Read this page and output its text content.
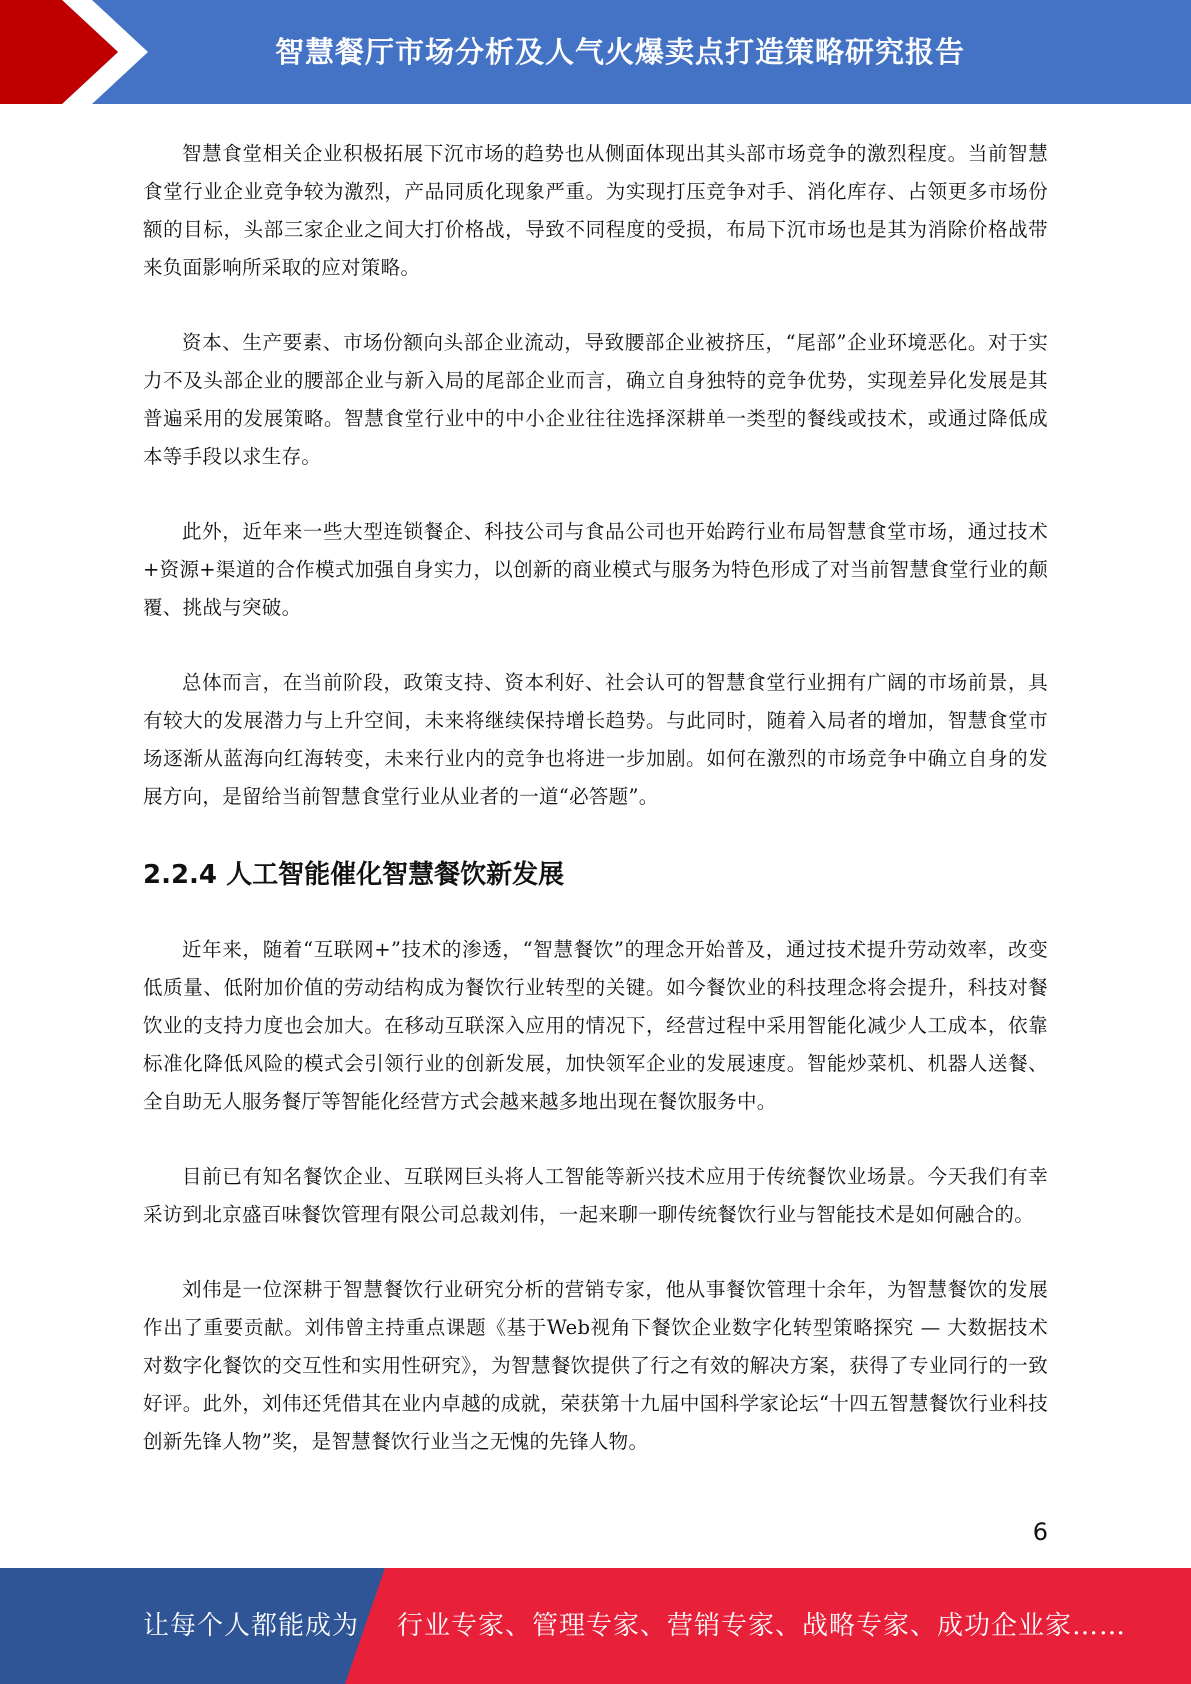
智慧餐厅市场分析及人气火爆卖点打造策略研究报告

智慧食堂相关企业积极拓展下沉市场的趋势也从侧面体现出其头部市场竞争的激烈程度。当前智慧食堂行业企业竞争较为激烈，产品同质化现象严重。为实现打压竞争对手、消化库存、占领更多市场份额的目标，头部三家企业之间大打价格战，导致不同程度的受损，布局下沉市场也是其为消除价格战带来负面影响所采取的应对策略。

资本、生产要素、市场份额向头部企业流动，导致腰部企业被挤压，“尾部”企业环境恶化。对于实力不及头部企业的腰部企业与新入局的尾部企业而言，确立自身独特的竞争优势，实现差异化发展是其普遍采用的发展策略。智慧食堂行业中的中小企业往往选择深耕单一类型的餐线或技术，或通过降低成本等手段以求生存。

此外，近年来一些大型连锁餐企、科技公司与食品公司也开始跨行业布局智慧食堂市场，通过技术+资源+渠道的合作模式加强自身实力，以创新的商业模式与服务为特色形成了对当前智慧食堂行业的颠覆、挑战与突破。

总体而言，在当前阶段，政策支持、资本利好、社会认可的智慧食堂行业拥有广阔的市场前景，具有较大的发展潜力与上升空间，未来将继续保持增长趋势。与此同时，随着入局者的增加，智慧食堂市场逐渐从蓝海向红海转变，未来行业内的竞争也将进一步加剧。如何在激烈的市场竞争中确立自身的发展方向，是留给当前智慧食堂行业从业者的一道“必答题”。

2.2.4 人工智能催化智慧餐饮新发展

近年来，随着“互联网+”技术的渗透，“智慧餐饮”的理念开始普及，通过技术提升劳动效率，改变低质量、低附加价值的劳动结构成为餐饮行业转型的关键。如今餐饮业的科技理念将会提升，科技对餐饮业的支持力度也会加大。在移动互联深入应用的情况下，经营过程中采用智能化减少人工成本，依靠标准化降低风险的模式会引领行业的创新发展，加快领军企业的发展速度。智能炒菜机、机器人送餐、全自助无人服务餐厅等智能化经营方式会越来越多地出现在餐饮服务中。

目前已有知名餐饮企业、互联网巨头将人工智能等新兴技术应用于传统餐饮业场景。今天我们有幸采访到北京盛百味餐饮管理有限公司总裁刘伟，一起来聊一聊传统餐饮行业与智能技术是如何融合的。

刘伟是一位深耕于智慧餐饮行业研究分析的营销专家，他从事餐饮管理十余年，为智慧餐饮的发展作出了重要贡献。刘伟曾主持重点课题《基于Web视角下餐饮企业数字化转型策略探究 — 大数据技术对数字化餐饮的交互性和实用性研究》，为智慧餐饮提供了行之有效的解决方案，获得了专业同行的一致好评。此外，刘伟还凭借其在业内卓越的成就，荣获第十九届中国科学家论坛“十四五智慧餐饮行业科技创新先锋人物”奖，是智慧餐饮行业当之无愧的先锋人物。

6
让每个人都能成为 行业专家、管理专家、营销专家、战略专家、成功企业家……
